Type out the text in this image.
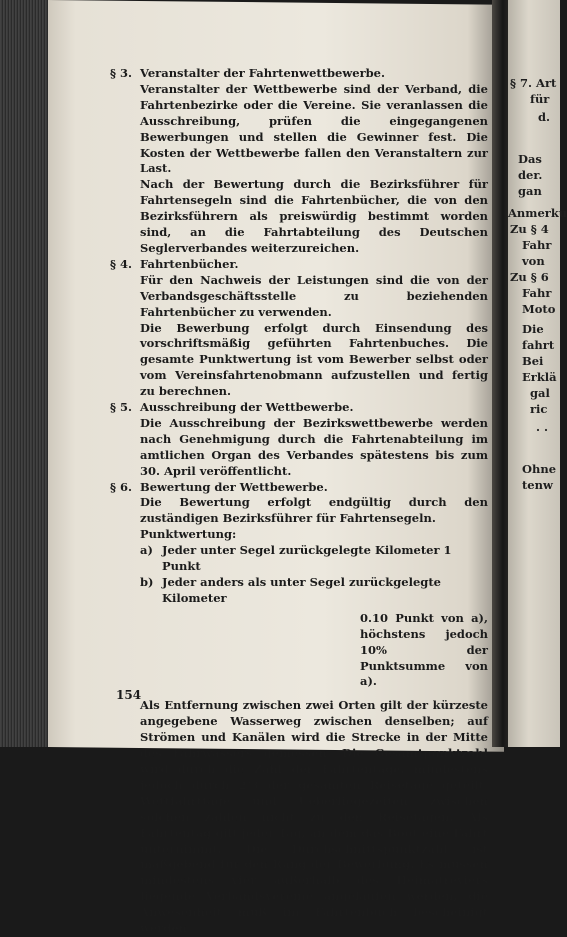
§ 3. Veranstalter der Fahrtenwettbewerbe.
Veranstalter der Wettbewerbe sind der Verband, die Fahrtenbezirke oder die Vereine. Sie veranlassen die Ausschreibung, prüfen die eingegangenen Bewerbungen und stellen die Gewinner fest. Die Kosten der Wettbewerbe fallen den Veranstaltern zur Last.
Nach der Bewertung durch die Bezirksführer für Fahrtensegeln sind die Fahrtenbücher, die von den Bezirksführern als preiswürdig bestimmt worden sind, an die Fahrtabteilung des Deutschen Seglerverbandes weiterzureichen.
§ 4. Fahrtenbücher.
Für den Nachweis der Leistungen sind die von der Verbandsgeschäftsstelle zu beziehenden Fahrtenbücher zu verwenden.
Die Bewerbung erfolgt durch Einsendung des vorschriftsmäßig geführten Fahrtenbuches. Die gesamte Punktwertung ist vom Bewerber selbst oder vom Vereinsfahrtenobmann aufzustellen und fertig zu berechnen.
§ 5. Ausschreibung der Wettbewerbe.
Die Ausschreibung der Bezirkswettbewerbe werden nach Genehmigung durch die Fahrtenabteilung im amtlichen Organ des Verbandes spätestens bis zum 30. April veröffentlicht.
§ 6. Bewertung der Wettbewerbe.
Die Bewertung erfolgt endgültig durch den zuständigen Bezirksführer für Fahrtensegeln.
Punktwertung:
a) Jeder unter Segel zurückgelegte Kilometer 1 Punkt
b) Jeder anders als unter Segel zurückgelegte Kilometer
0.10 Punkt von a), höchstens jedoch 10% der Punktsumme von a).
Als Entfernung zwischen zwei Orten gilt der kürzeste angegebene Wasserweg zwischen denselben; auf Strömen und Kanälen wird die Strecke in der Mitte des Fahrwassers gemessen. Die Gesamtpunktzahl wird durch die Zahl der Fahrtentage, mindestens jedoch durch 2/3 der gesamten Reisetage geteilt. Wettfahrttage und Ueberliegezeiten zwischen solchen zählen nicht zu den Reisetagen. Als Fahrtentag gilt jeder Tag, an dem das Boot eine Fahrt unternimmt. Die Durchschnittspunktzahl ist maßgebend für den Rang der Bewerbung. Es müssen mindestens vier außerhalb des Heimatreviers liegende Verbandsvereine angelaufen werden, die Anwesenheit muß im Fahrtenbuch bescheinigt werden.
154
§ 7. Art
für
d.
Das
der.
gan
Anmerku
Zu § 4
Fahr
von
Zu § 6
Fahr
Moto
Die
fahrt
Bei
Erklä
gal
ric
. .
Ohne
tenw
